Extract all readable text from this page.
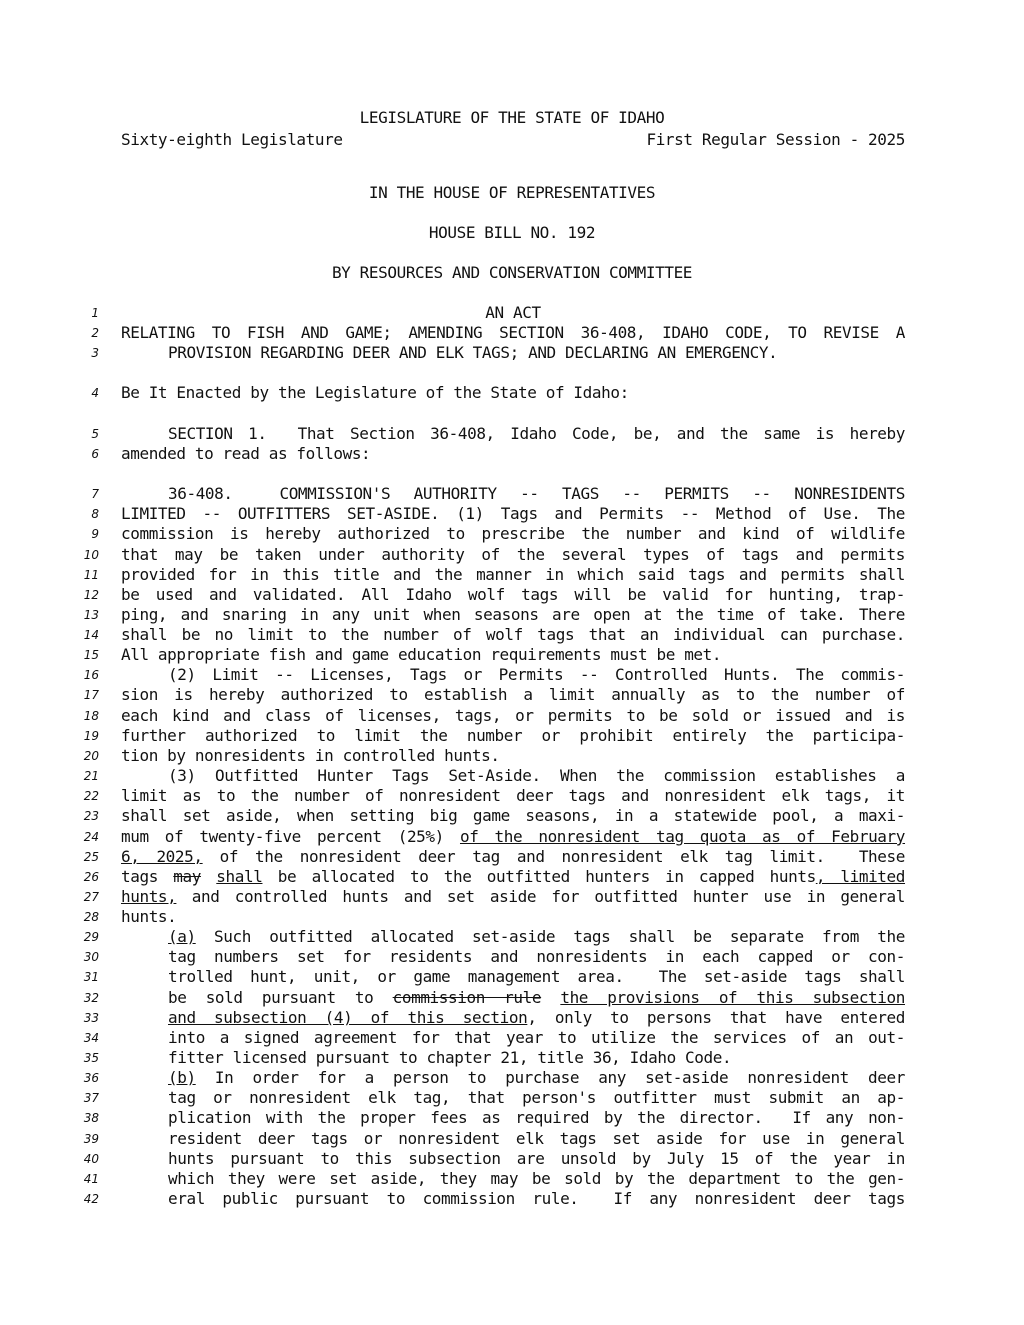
LEGISLATURE OF THE STATE OF IDAHO
Sixty-eighth Legislature	First Regular Session - 2025
IN THE HOUSE OF REPRESENTATIVES
HOUSE BILL NO. 192
BY RESOURCES AND CONSERVATION COMMITTEE
1
2
3
4
5
6
7
8
9
10
11
12
13
14
15
16
17
18
19
20
21
22
23
24
25
26
27
28
29
30
31
32
33
34
35
36
37
38
39
40
41
42
AN ACT
RELATING TO FISH AND GAME; AMENDING SECTION 36-408, IDAHO CODE, TO REVISE A
PROVISION REGARDING DEER AND ELK TAGS; AND DECLARING AN EMERGENCY.
Be It Enacted by the Legislature of the State of Idaho:
SECTION 1.  That Section 36-408, Idaho Code, be, and the same is hereby
amended to read as follows:
36-408.  COMMISSION'S AUTHORITY -- TAGS -- PERMITS -- NONRESIDENTS
LIMITED -- OUTFITTERS SET-ASIDE. (1) Tags and Permits -- Method of Use. The
commission is hereby authorized to prescribe the number and kind of wildlife
that may be taken under authority of the several types of tags and permits
provided for in this title and the manner in which said tags and permits shall
be used and validated. All Idaho wolf tags will be valid for hunting, trap-
ping, and snaring in any unit when seasons are open at the time of take. There
shall be no limit to the number of wolf tags that an individual can purchase.
All appropriate fish and game education requirements must be met.
(2) Limit -- Licenses, Tags or Permits -- Controlled Hunts. The commis-
sion is hereby authorized to establish a limit annually as to the number of
each kind and class of licenses, tags, or permits to be sold or issued and is
further authorized to limit the number or prohibit entirely the participa-
tion by nonresidents in controlled hunts.
(3) Outfitted Hunter Tags Set-Aside. When the commission establishes a
limit as to the number of nonresident deer tags and nonresident elk tags, it
shall set aside, when setting big game seasons, in a statewide pool, a maxi-
mum of twenty-five percent (25%) of the nonresident tag quota as of February
6, 2025, of the nonresident deer tag and nonresident elk tag limit.  These
tags may shall be allocated to the outfitted hunters in capped hunts, limited
hunts, and controlled hunts and set aside for outfitted hunter use in general
hunts.
(a) Such outfitted allocated set-aside tags shall be separate from the
tag numbers set for residents and nonresidents in each capped or con-
trolled hunt, unit, or game management area.  The set-aside tags shall
be sold pursuant to commission rule the provisions of this subsection
and subsection (4) of this section, only to persons that have entered
into a signed agreement for that year to utilize the services of an out-
fitter licensed pursuant to chapter 21, title 36, Idaho Code.
(b) In order for a person to purchase any set-aside nonresident deer
tag or nonresident elk tag, that person's outfitter must submit an ap-
plication with the proper fees as required by the director.  If any non-
resident deer tags or nonresident elk tags set aside for use in general
hunts pursuant to this subsection are unsold by July 15 of the year in
which they were set aside, they may be sold by the department to the gen-
eral public pursuant to commission rule.  If any nonresident deer tags
